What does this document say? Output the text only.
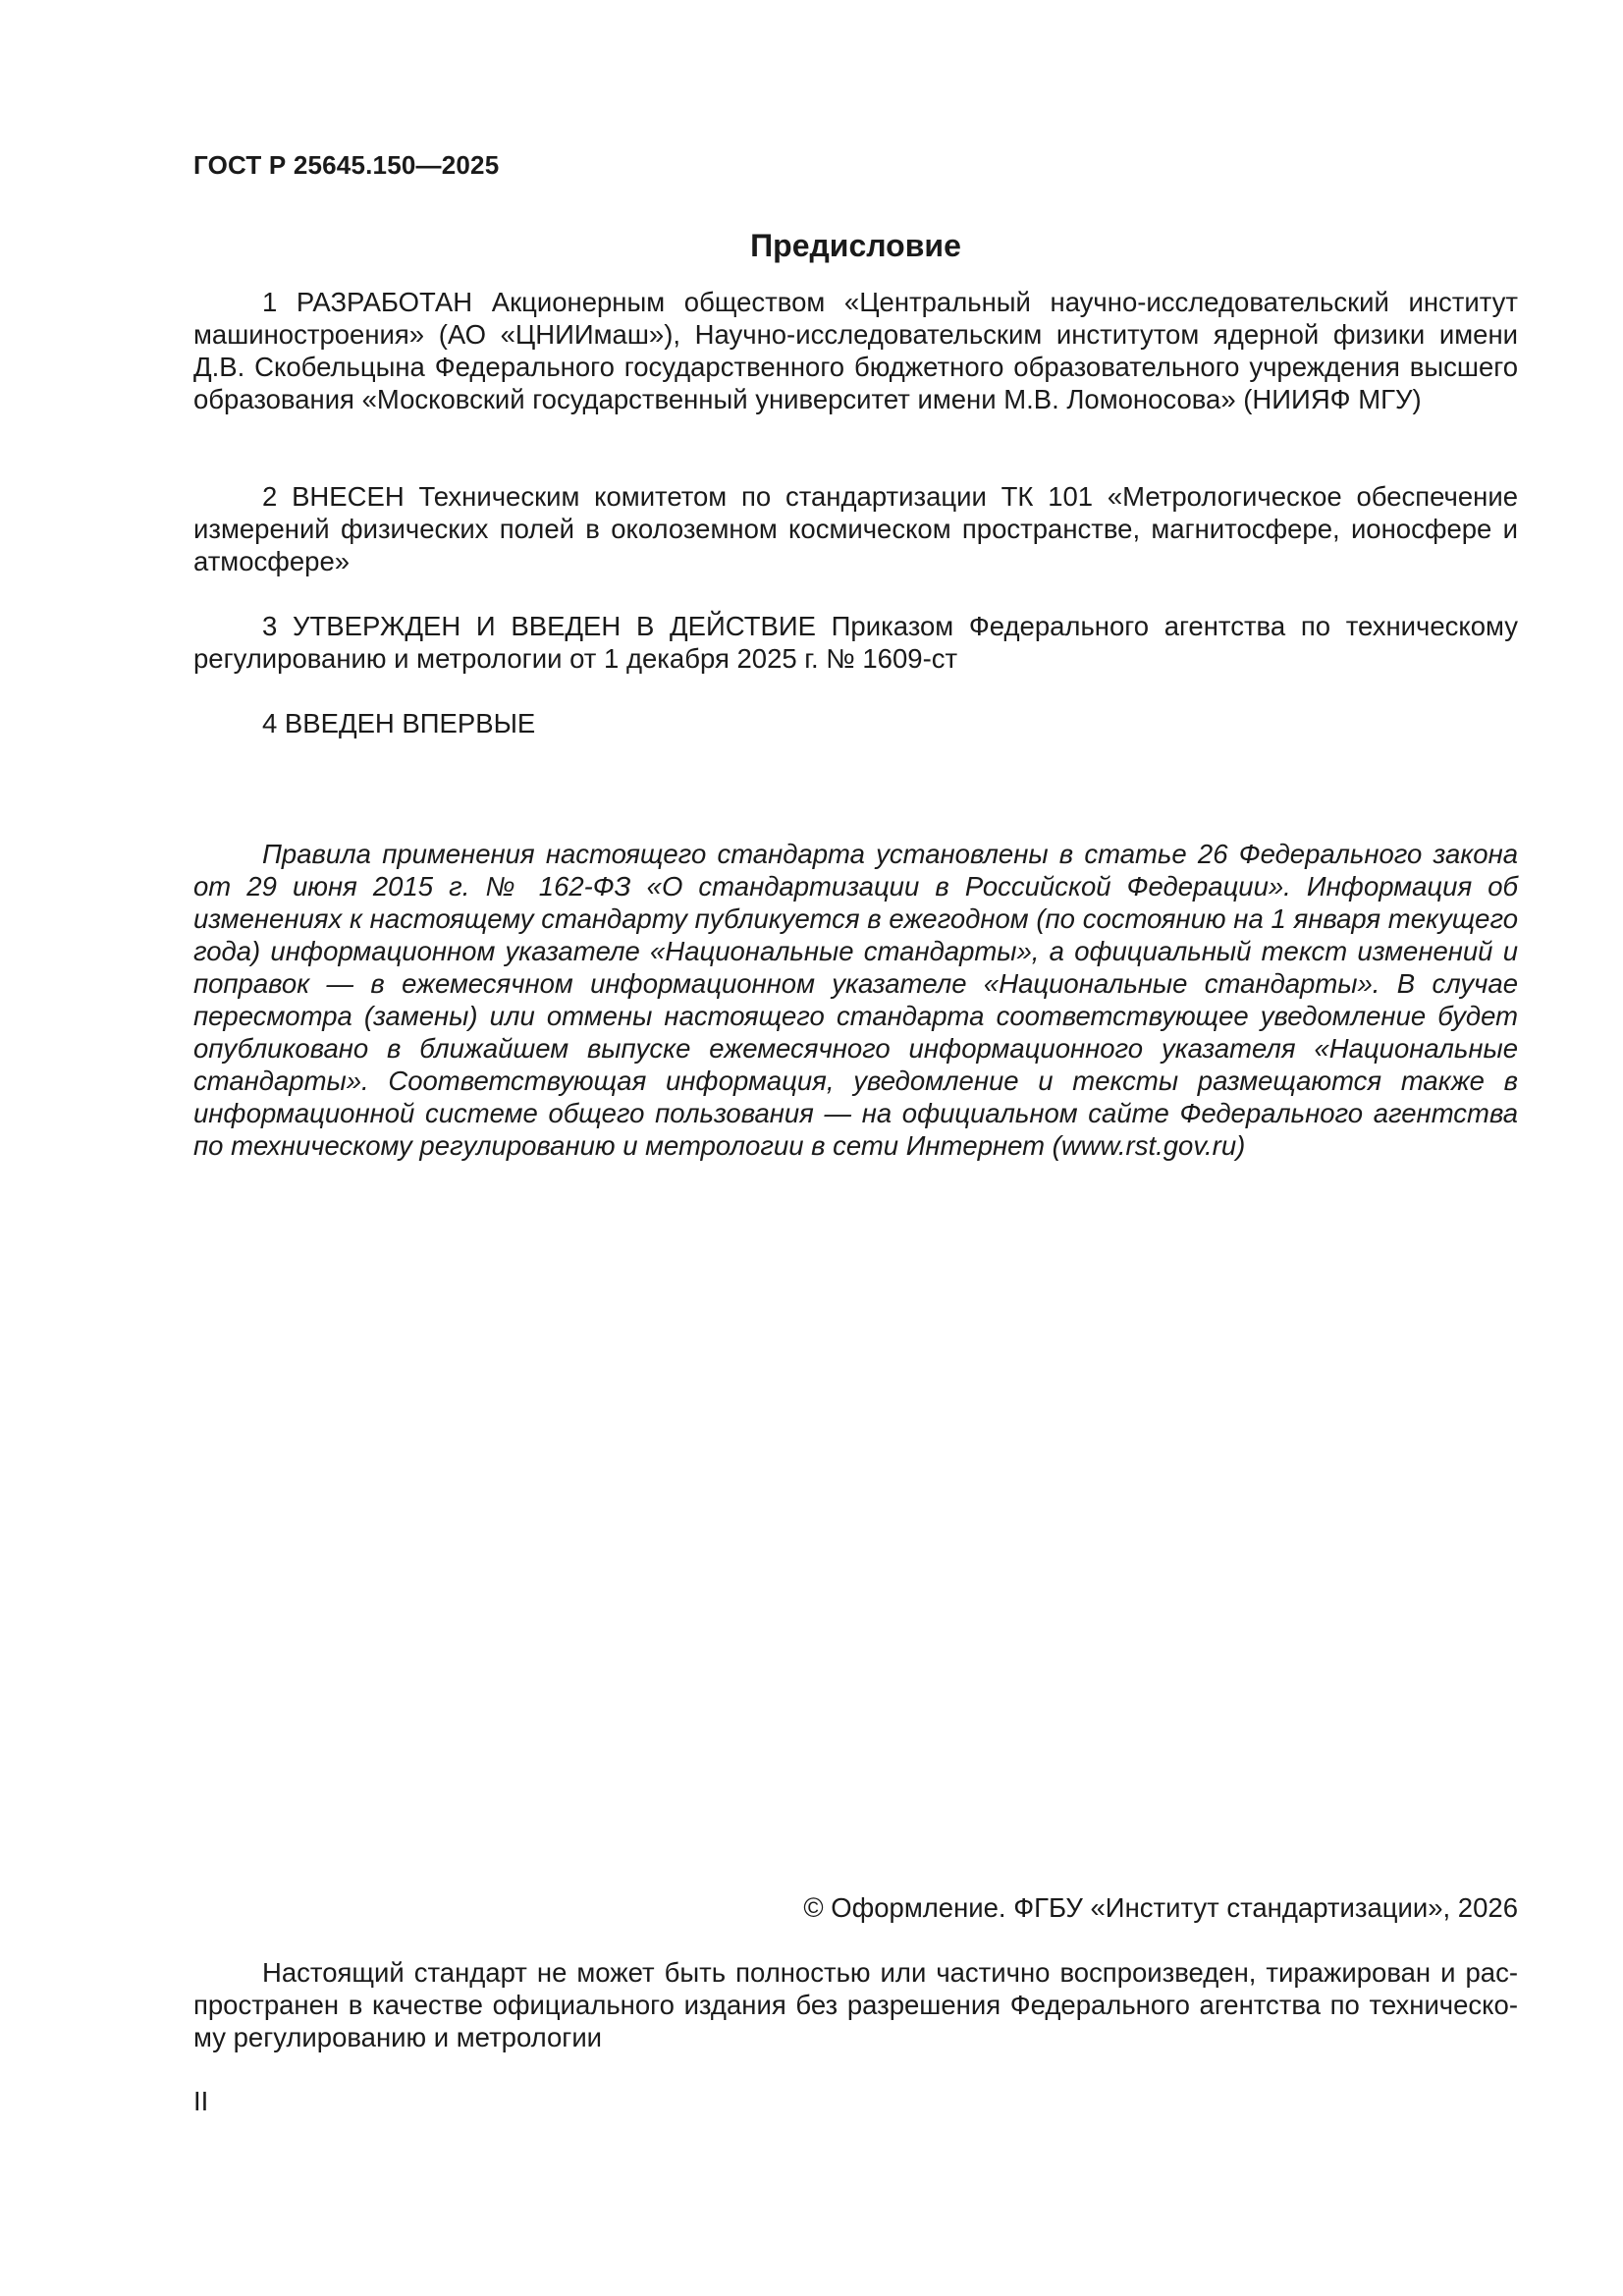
ГОСТ Р 25645.150—2025
Предисловие

1 РАЗРАБОТАН Акционерным обществом «Центральный научно-исследовательский институт машиностроения» (АО «ЦНИИмаш»), Научно-исследовательским институтом ядерной физики имени Д.В. Скобельцына Федерального государственного бюджетного образовательного учреждения высшего образования «Московский государственный университет имени М.В. Ломоносова» (НИИЯФ МГУ)

2 ВНЕСЕН Техническим комитетом по стандартизации ТК 101 «Метрологическое обеспечение измерений физических полей в околоземном космическом пространстве, магнитосфере, ионосфере и атмосфере»

3 УТВЕРЖДЕН И ВВЕДЕН В ДЕЙСТВИЕ Приказом Федерального агентства по техническому регулированию и метрологии от 1 декабря 2025 г. № 1609-ст

4 ВВЕДЕН ВПЕРВЫЕ

Правила применения настоящего стандарта установлены в статье 26 Федерального закона от 29 июня 2015 г. № 162-ФЗ «О стандартизации в Российской Федерации». Информация об изменениях к настоящему стандарту публикуется в ежегодном (по состоянию на 1 января текущего года) информационном указателе «Национальные стандарты», а официальный текст изменений и поправок — в ежемесячном информационном указателе «Национальные стандарты». В случае пересмотра (замены) или отмены настоящего стандарта соответствующее уведомление будет опубликовано в ближайшем выпуске ежемесячного информационного указателя «Национальные стандарты». Соответствующая информация, уведомление и тексты размещаются также в информационной системе общего пользования — на официальном сайте Федерального агентства по техническому регулированию и метрологии в сети Интернет (www.rst.gov.ru)

© Оформление. ФГБУ «Институт стандартизации», 2026

Настоящий стандарт не может быть полностью или частично воспроизведен, тиражирован и распространен в качестве официального издания без разрешения Федерального агентства по техническому регулированию и метрологии

II
